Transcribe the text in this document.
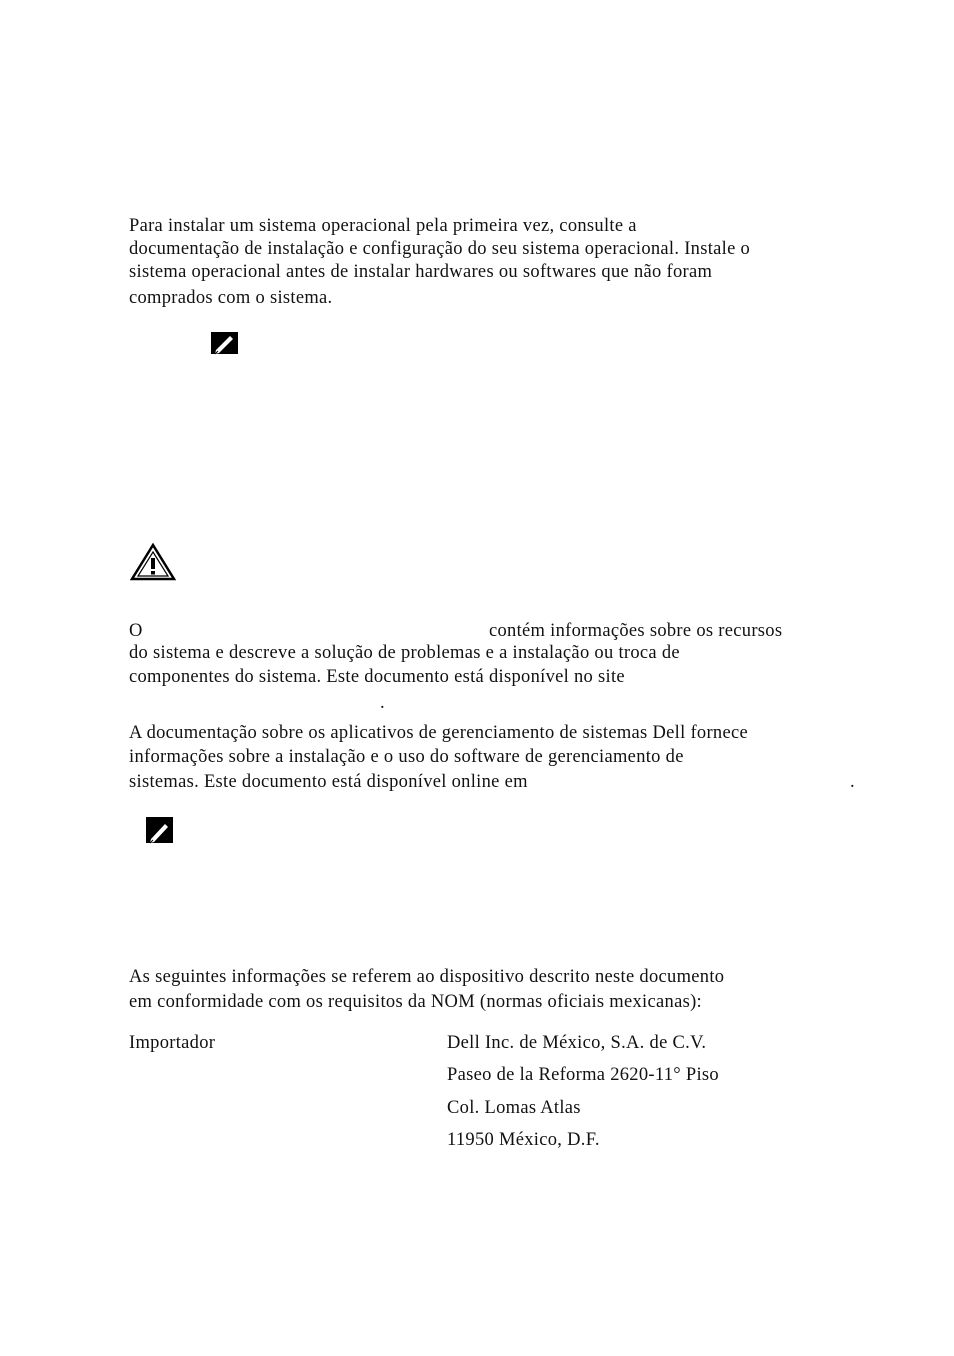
Para instalar um sistema operacional pela primeira vez, consulte a
documentação de instalação e configuração do seu sistema operacional. Instale o
sistema operacional antes de instalar hardwares ou softwares que não foram
comprados com o sistema.
O	contém informações sobre os recursos
do sistema e descreve a solução de problemas e a instalação ou troca de
componentes do sistema. Este documento está disponível no site
.
A documentação sobre os aplicativos de gerenciamento de sistemas Dell fornece
informações sobre a instalação e o uso do software de gerenciamento de
sistemas. Este documento está disponível online em	.
As seguintes informações se referem ao dispositivo descrito neste documento
em conformidade com os requisitos da NOM (normas oficiais mexicanas):
Importador	Dell Inc. de México, S.A. de C.V.
Paseo de la Reforma 2620-11° Piso
Col. Lomas Atlas
11950 México, D.F.
